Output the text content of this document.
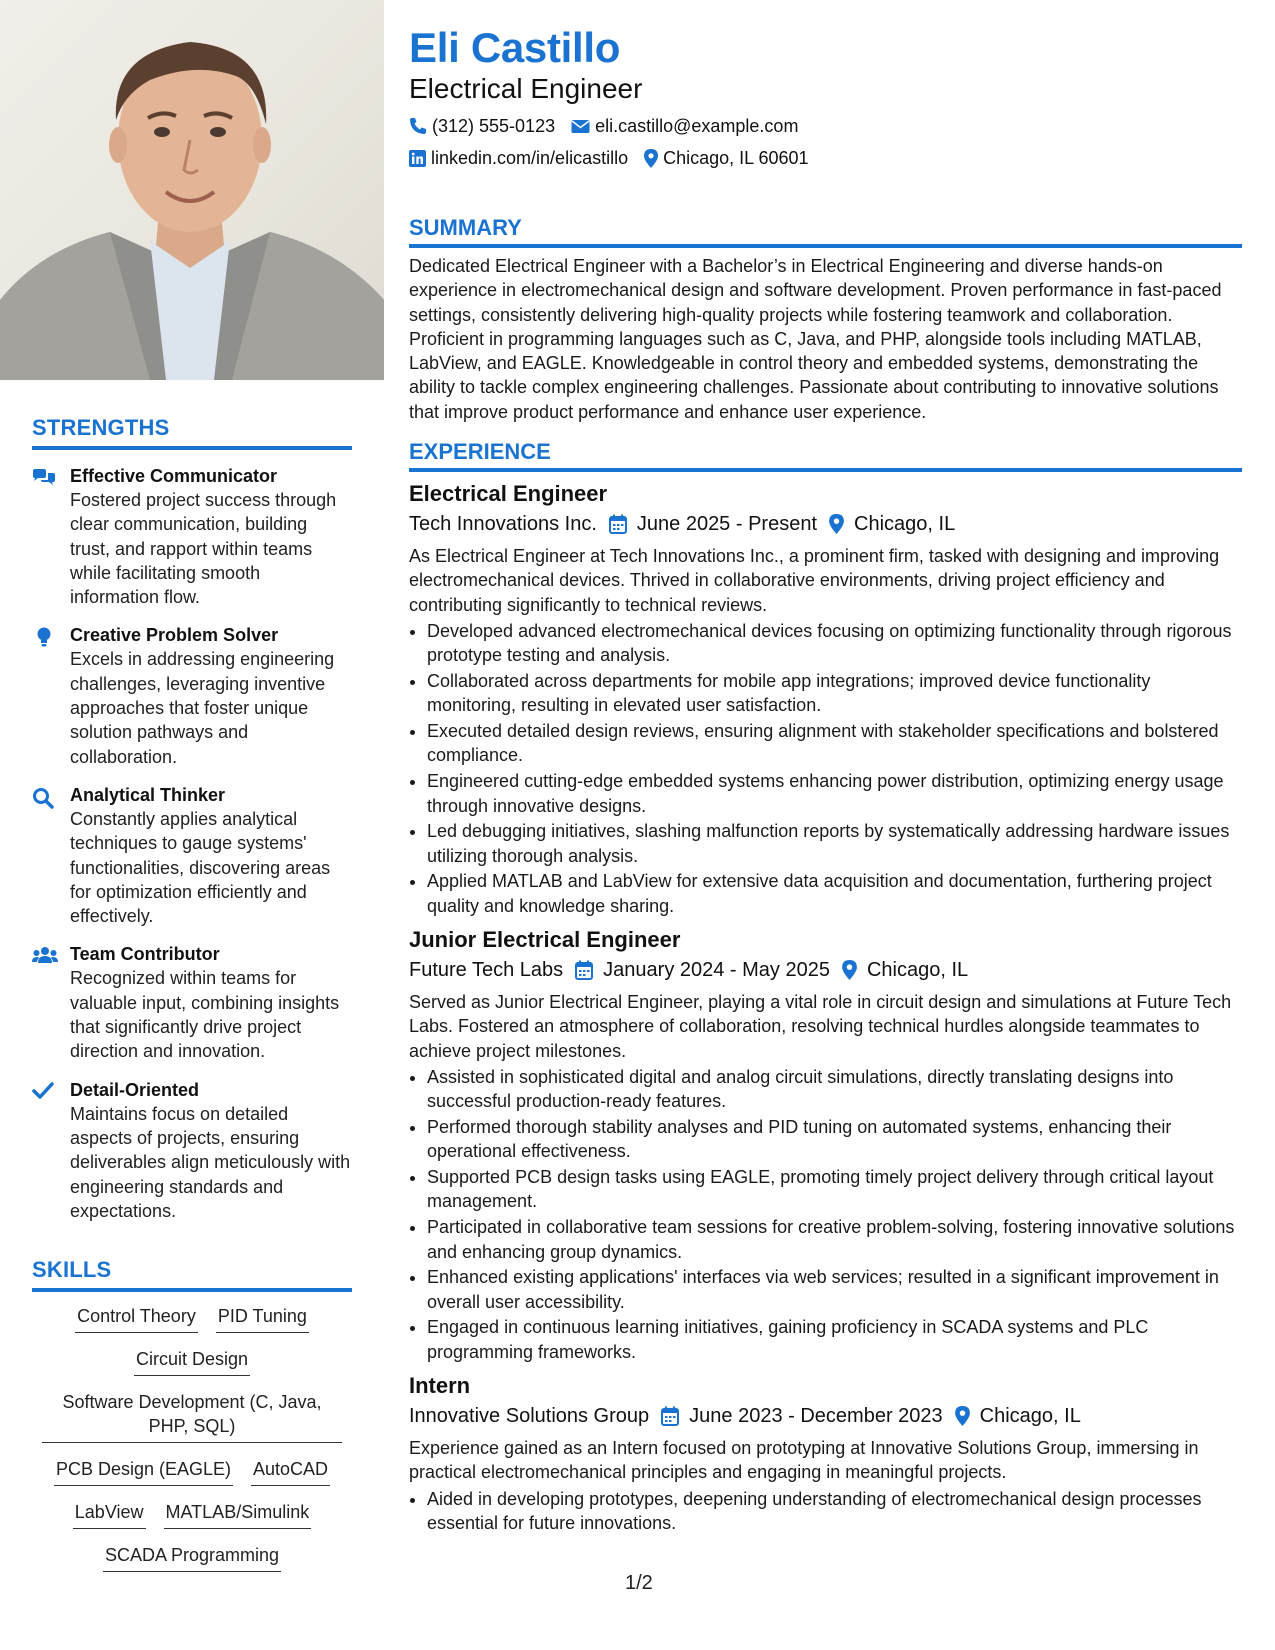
STRENGTHS
Effective Communicator
Fostered project success through clear communication, building trust, and rapport within teams while facilitating smooth information flow.
Creative Problem Solver
Excels in addressing engineering challenges, leveraging inventive approaches that foster unique solution pathways and collaboration.
Analytical Thinker
Constantly applies analytical techniques to gauge systems' functionalities, discovering areas for optimization efficiently and effectively.
Team Contributor
Recognized within teams for valuable input, combining insights that significantly drive project direction and innovation.
Detail-Oriented
Maintains focus on detailed aspects of projects, ensuring deliverables align meticulously with engineering standards and expectations.
SKILLS
Control Theory PID Tuning
Circuit Design
Software Development (C, Java, PHP, SQL)
PCB Design (EAGLE) AutoCAD
LabView MATLAB/Simulink
SCADA Programming
Eli Castillo
Electrical Engineer
(312) 555-0123 eli.castillo@example.com
linkedin.com/in/elicastillo Chicago, IL 60601
SUMMARY
Dedicated Electrical Engineer with a Bachelor’s in Electrical Engineering and diverse hands-on experience in electromechanical design and software development. Proven performance in fast-paced settings, consistently delivering high-quality projects while fostering teamwork and collaboration. Proficient in programming languages such as C, Java, and PHP, alongside tools including MATLAB, LabView, and EAGLE. Knowledgeable in control theory and embedded systems, demonstrating the ability to tackle complex engineering challenges. Passionate about contributing to innovative solutions that improve product performance and enhance user experience.
EXPERIENCE
Electrical Engineer
Tech Innovations Inc. June 2025 - Present Chicago, IL
As Electrical Engineer at Tech Innovations Inc., a prominent firm, tasked with designing and improving electromechanical devices. Thrived in collaborative environments, driving project efficiency and contributing significantly to technical reviews.
• Developed advanced electromechanical devices focusing on optimizing functionality through rigorous prototype testing and analysis.
• Collaborated across departments for mobile app integrations; improved device functionality monitoring, resulting in elevated user satisfaction.
• Executed detailed design reviews, ensuring alignment with stakeholder specifications and bolstered compliance.
• Engineered cutting-edge embedded systems enhancing power distribution, optimizing energy usage through innovative designs.
• Led debugging initiatives, slashing malfunction reports by systematically addressing hardware issues utilizing thorough analysis.
• Applied MATLAB and LabView for extensive data acquisition and documentation, furthering project quality and knowledge sharing.
Junior Electrical Engineer
Future Tech Labs January 2024 - May 2025 Chicago, IL
Served as Junior Electrical Engineer, playing a vital role in circuit design and simulations at Future Tech Labs. Fostered an atmosphere of collaboration, resolving technical hurdles alongside teammates to achieve project milestones.
• Assisted in sophisticated digital and analog circuit simulations, directly translating designs into successful production-ready features.
• Performed thorough stability analyses and PID tuning on automated systems, enhancing their operational effectiveness.
• Supported PCB design tasks using EAGLE, promoting timely project delivery through critical layout management.
• Participated in collaborative team sessions for creative problem-solving, fostering innovative solutions and enhancing group dynamics.
• Enhanced existing applications' interfaces via web services; resulted in a significant improvement in overall user accessibility.
• Engaged in continuous learning initiatives, gaining proficiency in SCADA systems and PLC programming frameworks.
Intern
Innovative Solutions Group June 2023 - December 2023 Chicago, IL
Experience gained as an Intern focused on prototyping at Innovative Solutions Group, immersing in practical electromechanical principles and engaging in meaningful projects.
• Aided in developing prototypes, deepening understanding of electromechanical design processes essential for future innovations.
1/2
